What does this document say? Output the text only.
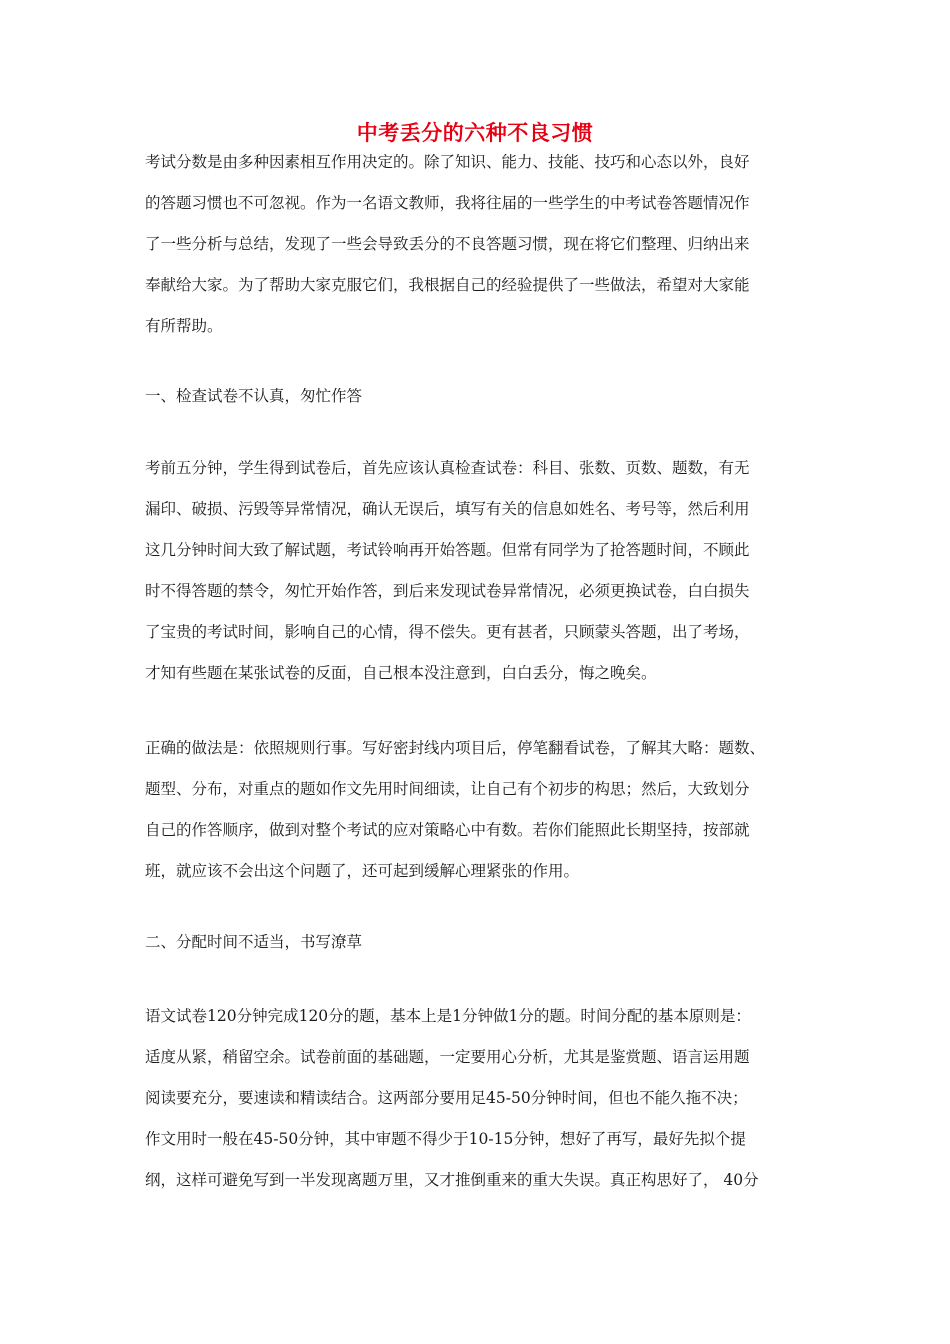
中考丢分的六种不良习惯
考试分数是由多种因素相互作用决定的。除了知识、能力、技能、技巧和心态以外，良好
的答题习惯也不可忽视。作为一名语文教师，我将往届的一些学生的中考试卷答题情况作
了一些分析与总结，发现了一些会导致丢分的不良答题习惯，现在将它们整理、归纳出来
奉献给大家。为了帮助大家克服它们，我根据自己的经验提供了一些做法，希望对大家能
有所帮助。
一、检查试卷不认真，匆忙作答
考前五分钟，学生得到试卷后，首先应该认真检查试卷：科目、张数、页数、题数，有无
漏印、破损、污毁等异常情况，确认无误后，填写有关的信息如姓名、考号等，然后利用
这几分钟时间大致了解试题，考试铃响再开始答题。但常有同学为了抢答题时间，不顾此
时不得答题的禁令，匆忙开始作答，到后来发现试卷异常情况，必须更换试卷，白白损失
了宝贵的考试时间，影响自己的心情，得不偿失。更有甚者，只顾蒙头答题，出了考场，
才知有些题在某张试卷的反面，自己根本没注意到，白白丢分，悔之晚矣。
正确的做法是：依照规则行事。写好密封线内项目后，停笔翻看试卷，了解其大略：题数、
题型、分布，对重点的题如作文先用时间细读，让自己有个初步的构思；然后，大致划分
自己的作答顺序，做到对整个考试的应对策略心中有数。若你们能照此长期坚持，按部就
班，就应该不会出这个问题了，还可起到缓解心理紧张的作用。
二、分配时间不适当，书写潦草
语文试卷120分钟完成120分的题，基本上是1分钟做1分的题。时间分配的基本原则是：
适度从紧，稍留空余。试卷前面的基础题，一定要用心分析，尤其是鉴赏题、语言运用题
阅读要充分，要速读和精读结合。这两部分要用足45-50分钟时间，但也不能久拖不决；
作文用时一般在45-50分钟，其中审题不得少于10-15分钟，想好了再写，最好先拟个提
纲，这样可避免写到一半发现离题万里，又才推倒重来的重大失误。真正构思好了， 40分
